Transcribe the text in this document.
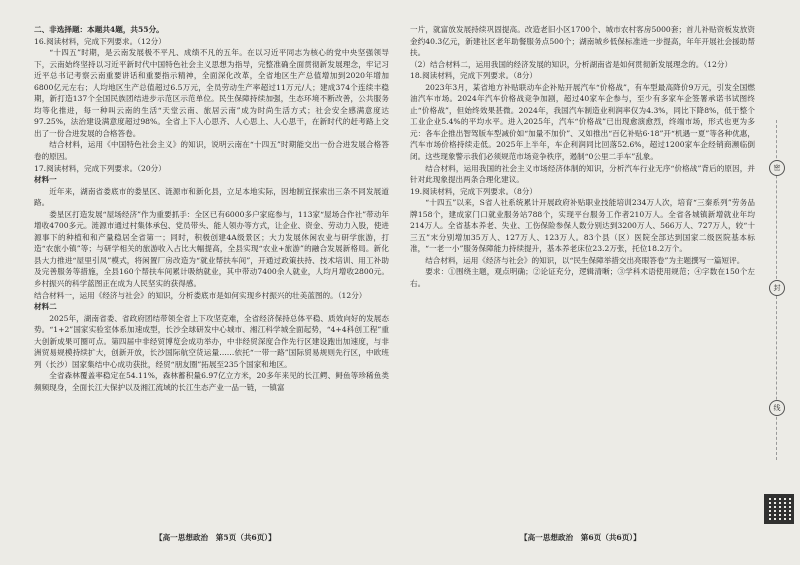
二、非选择题：本题共4题，共55分。

16.阅读材料，完成下列要求。（12分）

“十四五”时期，是云南发展极不平凡、成绩不凡的五年。在以习近平同志为核心的党中央坚强领导下，云南始终坚持以习近平新时代中国特色社会主义思想为指导，完整准确全面贯彻新发展理念，牢记习近平总书记考察云南重要讲话和重要指示精神，全面深化改革，全省地区生产总值增加到2020年增加6800亿元左右；人均地区生产总值超过6.5万元，全员劳动生产率超过11万元/人；建成374个连续丰稳期，新打造137个全国民族团结进步示范区示范单位。民生保障持续加强，生态环境不断改善，公共服务均等化推进，每一种叫云南的生活“天堂云南、旅居云南”成为时尚生活方式；社会安全感满意度达97.25%，法治建设满意度超过98%。全省上下人心思齐、人心思上、人心思干，在新时代的赶考路上交出了一份合进发展的合格答卷。

结合材料，运用《中国特色社会主义》的知识，说明云南在“十四五”时期能交出一份合进发展合格答卷的原因。

17.阅读材料，完成下列要求。（20分）

材料一

近年来，湖南省娄底市的娄星区、涟源市和新化县，立足本地实际，因地制宜探索出三条不同发展道路。

娄星区打造发展“屋场经济”作为重要抓手：全区已有6000多户家庭参与，113家“屋场合作社”带动年增收4700多元。涟源市通过村集体承包、党员带头、能人领办等方式，让企业、资金、劳动力入股，使进源事下的种植和和产量稳居全省第一；同时，积极创建4A级景区；大力发展休闲农业与研学旅游，打造“农旅小镇”等；与研学相关的旅游收入占比大幅提高，全县实现“农业+旅游”的融合发展新格局。新化县大力推进“屋里引凤”模式，将闲置厂房改造为“就业帮扶车间”，开通过政策扶持、技术培训、用工补助及完善服务等措施，全县160个帮扶车间累计吸纳就业，其中带动7400余人就业，人均月增收2800元。乡村振兴的科学蓝图正在成为人民坚实的获得感。

结合材料一，运用《经济与社会》的知识，分析娄底市是如何实现乡村振兴的壮美蓝图的。（12分）

材料二

2025年，湖南省委、省政府团结带领全省上下攻坚克难，全省经济保持总体平稳、质效向好的发展态势。“1+2”国家实验室体系加速成型，长沙全球研发中心城市、湘江科学城全面起势，“4+4科创工程”重大创新成果可圈可点。第四届中非经贸博览会成功举办，中非经贸深度合作先行区建设跑出加速度，与非洲贸易规模持续扩大，创新开放，长沙国际航空货运量……依托“一带一路”国际贸易规则先行区，中欧班列（长沙）国家集结中心成功获批，经贸“朋友圈”拓展至235个国家和地区。

全省森林覆盖率稳定在54.11%，森林蓄积量6.97亿立方米，20多年来见的长江鳄、鲟鱼等珍稀鱼类频频现身，全面长江大保护以及湘江流域的长江生态产业一品一链，一镇富

一片，就富放发展持续巩固提高。改造老旧小区1700个、城市农村客房5000套；首儿补贴资板发放资金约40.3亿元，新建社区老年助餐服务点500个；湖南城乡低保标准进一步提高，年年开展社会援助帮扶。

（2）结合材料二，运用我国的经济发展的知识，分析湖南省是如何贯彻新发展理念的。（12分）

18.阅读材料，完成下列要求。（8分）

2023年3月，某省地方补贴联动车企补贴开展汽车“价格战”，有车型最高降价9万元，引发全国燃油汽车市场。2024年汽车价格战竞争加剧，超过40家车企参与，至少有多家车企签署承诺书试图终止“价格战”，但始终效果甚微。2024年，我国汽车制造业利润率仅为4.3%，同比下降8%，低于整个工业企业5.4%的平均水平。进入2025年，汽车“价格战”已出现愈演愈烈，终端市场，形式也更为多元：各车企推出智驾版车型减价如“加量不加价”、又如推出“百亿补贴6·18”开“机遇一夏”等各种优惠，汽车市场价格持续走低。2025年上半年，车企利润同比回落52.6%，超过1200家车企经销商濒临倒闭。这些现象警示我们必须规范市场竞争秩序，遏制“0公里二手车”乱象。

结合材料，运用我国的社会主义市场经济体制的知识，分析汽车行业无序“价格战”背后的原因，并针对此现象提出两条合理化建议。

19.阅读材料，完成下列要求。（8分）

“十四五”以来，S省人社系统累计开展政府补贴职业技能培训234万人次，培育“三秦系列”劳务品牌158个，建成家门口就业服务站788个，实现平台服务工作者210万人。全省各城镇新增就业年均214万人。全省基本养老、失业、工伤保险参保人数分别达到3200万人、566万人、727万人，较“十三五”末分别增加35万人、127万人、123万人。83个县（区）医院全部达到国家二级医院基本标准，“一老一小”服务保障能力持续提升，基本养老床位23.2万张，托位18.2万个。

结合材料，运用《经济与社会》的知识，以“民生保障举措交出亮眼答卷”为主题撰写一篇短评。

要求：①围绕主题，观点明确；②论证充分，逻辑清晰；③学科术语使用规范；④字数在150个左右。

【高一思想政治　第5页（共6页）】	【高一思想政治　第6页（共6页）】
密
封
线
